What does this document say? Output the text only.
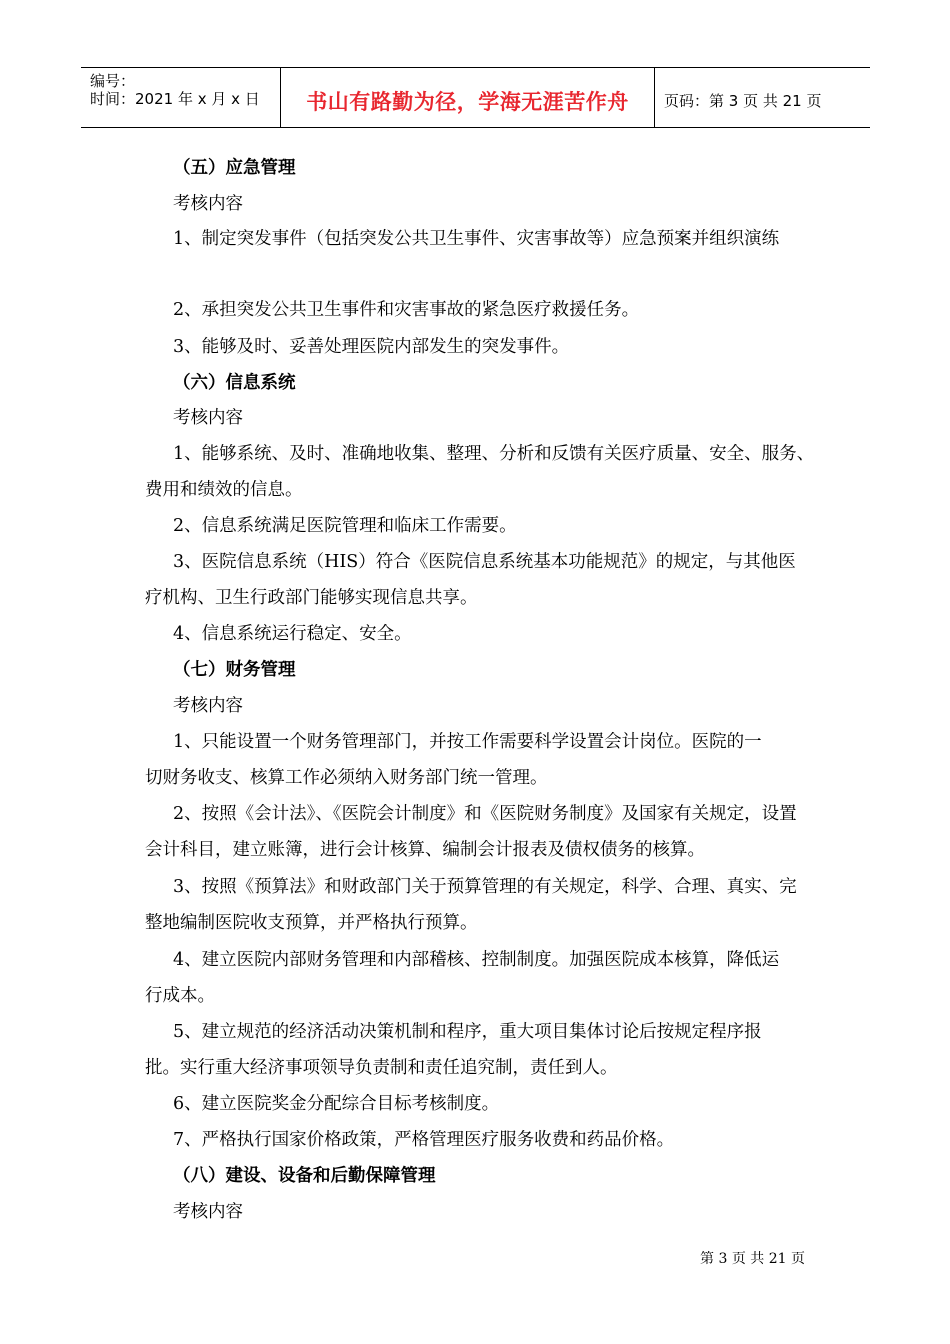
编号：
时间：2021 年 x 月 x 日	书山有路勤为径，学海无涯苦作舟	页码：第 3 页 共 21 页
（五）应急管理
考核内容
1、制定突发事件（包括突发公共卫生事件、灾害事故等）应急预案并组织演练
2、承担突发公共卫生事件和灾害事故的紧急医疗救援任务。
3、能够及时、妥善处理医院内部发生的突发事件。
（六）信息系统
考核内容
1、能够系统、及时、准确地收集、整理、分析和反馈有关医疗质量、安全、服务、
费用和绩效的信息。
2、信息系统满足医院管理和临床工作需要。
3、医院信息系统（HIS）符合《医院信息系统基本功能规范》的规定，与其他医
疗机构、卫生行政部门能够实现信息共享。
4、信息系统运行稳定、安全。
（七）财务管理
考核内容
1、只能设置一个财务管理部门，并按工作需要科学设置会计岗位。医院的一
切财务收支、核算工作必须纳入财务部门统一管理。
2、按照《会计法》、《医院会计制度》和《医院财务制度》及国家有关规定，设置
会计科目，建立账簿，进行会计核算、编制会计报表及债权债务的核算。
3、按照《预算法》和财政部门关于预算管理的有关规定，科学、合理、真实、完
整地编制医院收支预算，并严格执行预算。
4、建立医院内部财务管理和内部稽核、控制制度。加强医院成本核算，降低运
行成本。
5、建立规范的经济活动决策机制和程序，重大项目集体讨论后按规定程序报
批。实行重大经济事项领导负责制和责任追究制，责任到人。
6、建立医院奖金分配综合目标考核制度。
7、严格执行国家价格政策，严格管理医疗服务收费和药品价格。
（八）建设、设备和后勤保障管理
考核内容
第 3 页 共 21 页
